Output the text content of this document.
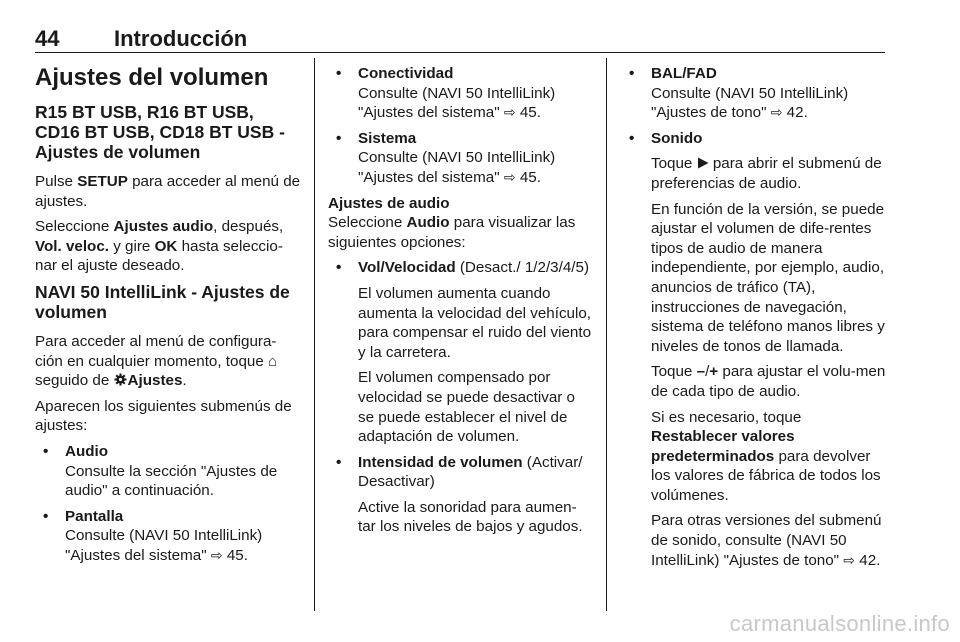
44 Introducción
Ajustes del volumen
R15 BT USB, R16 BT USB, CD16 BT USB, CD18 BT USB - Ajustes de volumen

Pulse SETUP para acceder al menú de ajustes.

Seleccione Ajustes audio, después, Vol. veloc. y gire OK hasta seleccio-nar el ajuste deseado.

NAVI 50 IntelliLink - Ajustes de volumen

Para acceder al menú de configura-ción en cualquier momento, toque ⌂ seguido de Ajustes.

Aparecen los siguientes submenús de ajustes:

• Audio
Consulte la sección "Ajustes de audio" a continuación.
• Pantalla
Consulte (NAVI 50 IntelliLink) "Ajustes del sistema" ⇨ 45.
• Conectividad
Consulte (NAVI 50 IntelliLink) "Ajustes del sistema" ⇨ 45.
• Sistema
Consulte (NAVI 50 IntelliLink) "Ajustes del sistema" ⇨ 45.
Ajustes de audio

Seleccione Audio para visualizar las siguientes opciones:

• Vol/Velocidad (Desact./ 1/2/3/4/5)

El volumen aumenta cuando aumenta la velocidad del vehículo, para compensar el ruido del viento y la carretera.

El volumen compensado por velocidad se puede desactivar o se puede establecer el nivel de adaptación de volumen.

• Intensidad de volumen (Activar/ Desactivar)

Active la sonoridad para aumen-tar los niveles de bajos y agudos.

• BAL/FAD
Consulte (NAVI 50 IntelliLink) "Ajustes de tono" ⇨ 42.
• Sonido

Toque  para abrir el submenú de preferencias de audio.

En función de la versión, se puede ajustar el volumen de dife-rentes tipos de audio de manera independiente, por ejemplo, audio, anuncios de tráfico (TA), instrucciones de navegación, sistema de teléfono manos libres y niveles de tonos de llamada.

Toque –/+ para ajustar el volu-men de cada tipo de audio.

Si es necesario, toque Restablecer valores predeterminados para devolver los valores de fábrica de todos los volúmenes.

Para otras versiones del submenú de sonido, consulte (NAVI 50 IntelliLink) "Ajustes de tono" ⇨ 42.

carmanualsonline.info
